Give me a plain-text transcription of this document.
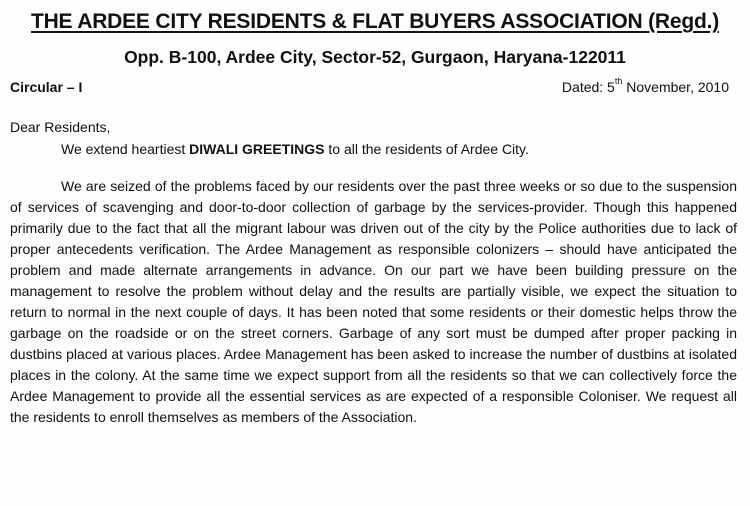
THE ARDEE CITY RESIDENTS & FLAT BUYERS ASSOCIATION (Regd.)
Opp. B-100, Ardee City, Sector-52, Gurgaon, Haryana-122011
Circular – I	Dated: 5th November, 2010
Dear Residents,
We extend heartiest DIWALI GREETINGS to all the residents of Ardee City.

We are seized of the problems faced by our residents over the past three weeks or so due to the suspension of services of scavenging and door-to-door collection of garbage by the services-provider. Though this happened primarily due to the fact that all the migrant labour was driven out of the city by the Police authorities due to lack of proper antecedents verification. The Ardee Management as responsible colonizers – should have anticipated the problem and made alternate arrangements in advance. On our part we have been building pressure on the management to resolve the problem without delay and the results are partially visible, we expect the situation to return to normal in the next couple of days. It has been noted that some residents or their domestic helps throw the garbage on the roadside or on the street corners. Garbage of any sort must be dumped after proper packing in dustbins placed at various places. Ardee Management has been asked to increase the number of dustbins at isolated places in the colony. At the same time we expect support from all the residents so that we can collectively force the Ardee Management to provide all the essential services as are expected of a responsible Coloniser. We request all the residents to enroll themselves as members of the Association.
